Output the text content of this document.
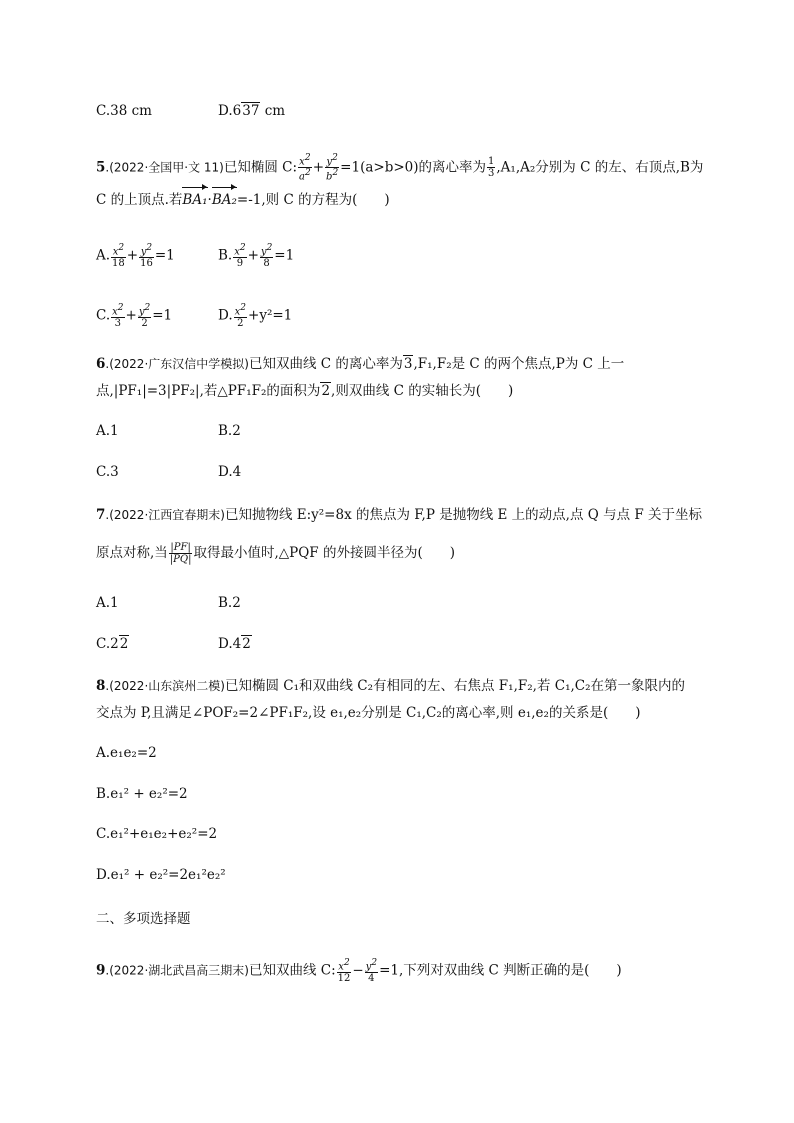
C.38 cm	D.637 cm
5.(2022·全国甲·文 11)已知椭圆 C: $\frac{x2}{a2} + \frac{y2}{b2} =1(a>b>0)$的离心率为 $\frac{1}{3} ,A_1,A_2$分别为 C 的左、右顶点,B为
C 的上顶点.若BA₁·BA₂=-1,则 C 的方程为(　　)
A. $\frac{x2}{18} + \frac{y2}{16} =1$	B. $\frac{x2}{9} + \frac{y2}{8} =1$
C. $\frac{x2}{3} + \frac{y2}{2} =1$	D. $\frac{x2}{2} +y^2=1$
6.(2022·广东汉信中学模拟)已知双曲线 C 的离心率为3,F₁,F₂是 C 的两个焦点,P为 C 上一
点,|PF₁|=3|PF₂|,若△PF₁F₂的面积为2,则双曲线 C 的实轴长为(　　)
A.1	B.2
C.3	D.4
7.(2022·江西宜春期末)已知抛物线 E:y²=8x 的焦点为 F,P 是抛物线 E 上的动点,点 Q 与点 F 关于坐标
原点对称,当 $\frac{|PF|}{|PQ|}$ 取得最小值时,△PQF 的外接圆半径为(　　)
A.1	B.2
C.22	D.42
8.(2022·山东滨州二模)已知椭圆 C₁和双曲线 C₂有相同的左、右焦点 F₁,F₂,若 C₁,C₂在第一象限内的
交点为 P,且满足∠POF₂=2∠PF₁F₂,设 e₁,e₂分别是 C₁,C₂的离心率,则 e₁,e₂的关系是(　　)
A.e₁e₂=2
B.e₁² + e₂²=2
C.e₁²+e₁e₂+e₂²=2
D.e₁² + e₂²=2e₁²e₂²
二、多项选择题
9.(2022·湖北武昌高三期末)已知双曲线 C: $\frac{x2}{12} - \frac{y2}{4} =1$,下列对双曲线 C 判断正确的是(　　)
